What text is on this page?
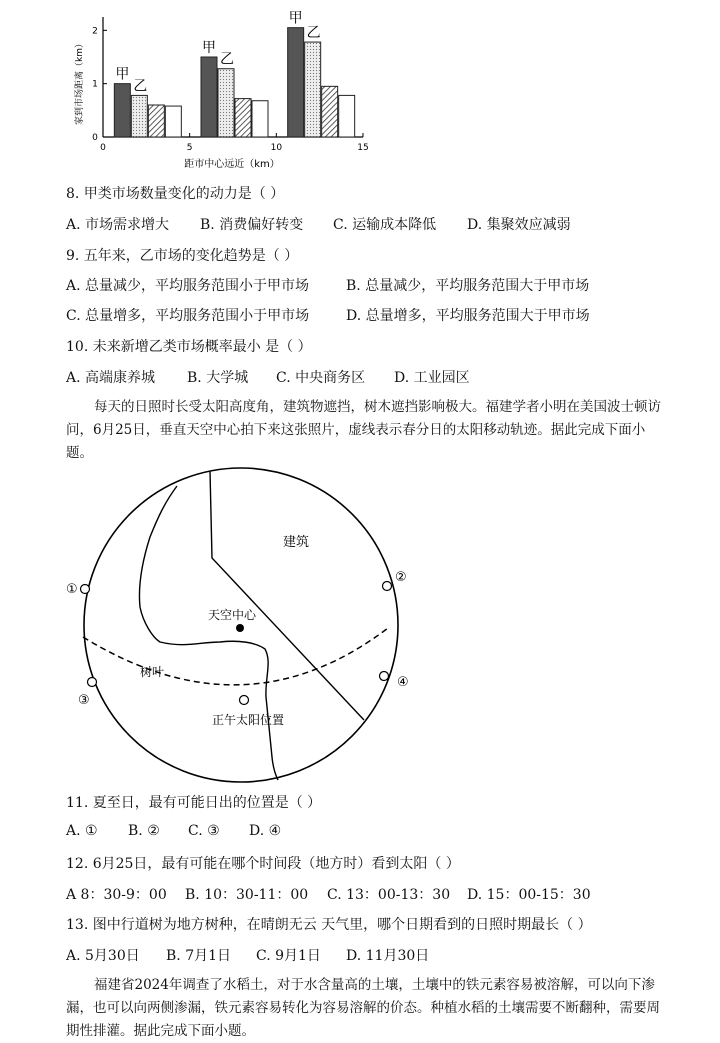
0	5	10	15
0
1
2
甲
乙
甲
乙
甲
乙
家到市场距离（km）
距市中心远近（km）
8. 甲类市场数量变化的动力是（ ）
A. 市场需求增大 B. 消费偏好转变 C. 运输成本降低 D. 集聚效应减弱
9. 五年来，乙市场的变化趋势是（ ）
A. 总量减少，平均服务范围小于甲市场	B. 总量减少，平均服务范围大于甲市场
C. 总量增多，平均服务范围小于甲市场	D. 总量增多，平均服务范围大于甲市场
10. 未来新增乙类市场概率最小 是（ ）
A. 高端康养城 B. 大学城 C. 中央商务区 D. 工业园区
每天的日照时长受太阳高度角，建筑物遮挡，树木遮挡影响极大。福建学者小明在美国波士顿访问，6月25日，垂直天空中心拍下来这张照片，虚线表示春分日的太阳移动轨迹。据此完成下面小题。
①
②
③
④
建筑
天空中心
树叶
正午太阳位置
11. 夏至日，最有可能日出的位置是（ ）
A. ① B. ② C. ③ D. ④
12. 6月25日，最有可能在哪个时间段（地方时）看到太阳（ ）
A 8：30-9：00 B. 10：30-11：00 C. 13：00-13：30 D. 15：00-15：30
13. 图中行道树为地方树种，在晴朗无云 天气里，哪个日期看到的日照时期最长（ ）
A. 5月30日 B. 7月1日 C. 9月1日 D. 11月30日
福建省2024年调查了水稻土，对于水含量高的土壤，土壤中的铁元素容易被溶解，可以向下渗漏，也可以向两侧渗漏，铁元素容易转化为容易溶解的价态。种植水稻的土壤需要不断翻种，需要周期性排灌。据此完成下面小题。
